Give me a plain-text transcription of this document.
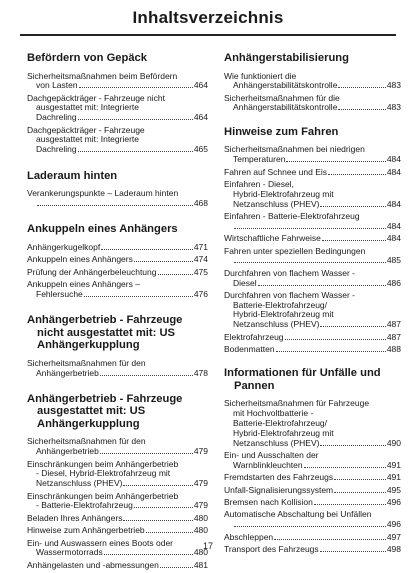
Inhaltsverzeichnis
Befördern von Gepäck
Sicherheitsmaßnahmen beim Befördern
von Lasten	464
Dachgepäckträger - Fahrzeuge nicht
ausgestattet mit: Integrierte
Dachreling	464
Dachgepäckträger - Fahrzeuge
ausgestattet mit: Integrierte
Dachreling	465
Laderaum hinten
Verankerungspunkte – Laderaum hinten
468
Ankuppeln eines Anhängers
Anhängerkugelkopf	471
Ankuppeln eines Anhängers	474
Prüfung der Anhängerbeleuchtung	475
Ankuppeln eines Anhängers –
Fehlersuche	476
Anhängerbetrieb - Fahrzeuge
nicht ausgestattet mit: US
Anhängerkupplung
Sicherheitsmaßnahmen für den
Anhängerbetrieb	478
Anhängerbetrieb - Fahrzeuge
ausgestattet mit: US
Anhängerkupplung
Sicherheitsmaßnahmen für den
Anhängerbetrieb	479
Einschränkungen beim Anhängerbetrieb
- Diesel, Hybrid-Elektrofahrzeug mit
Netzanschluss (PHEV)	479
Einschränkungen beim Anhängerbetrieb
- Batterie-Elektrofahrzeug	479
Beladen Ihres Anhängers	480
Hinweise zum Anhängerbetrieb	480
Ein- und Auswassern eines Boots oder
Wassermotorrads	480
Anhängelasten und -abmessungen	481
Anhängerstabilisierung
Wie funktioniert die
Anhängerstabilitätskontrolle	483
Sicherheitsmaßnahmen für die
Anhängerstabilitätskontrolle	483
Hinweise zum Fahren
Sicherheitsmaßnahmen bei niedrigen
Temperaturen	484
Fahren auf Schnee und Eis	484
Einfahren - Diesel,
Hybrid-Elektrofahrzeug mit
Netzanschluss (PHEV)	484
Einfahren - Batterie-Elektrofahrzeug
484
Wirtschaftliche Fahrweise	484
Fahren unter speziellen Bedingungen
485
Durchfahren von flachem Wasser -
Diesel	486
Durchfahren von flachem Wasser -
Batterie-Elektrofahrzeug/
Hybrid-Elektrofahrzeug mit
Netzanschluss (PHEV)	487
Elektrofahrzeug	487
Bodenmatten	488
Informationen für Unfälle und
Pannen
Sicherheitsmaßnahmen für Fahrzeuge
mit Hochvoltbatterie -
Batterie-Elektrofahrzeug/
Hybrid-Elektrofahrzeug mit
Netzanschluss (PHEV)	490
Ein- und Ausschalten der
Warnblinkleuchten	491
Fremdstarten des Fahrzeugs	491
Unfall-Signalisierungssystem	495
Bremsen nach Kollision	496
Automatische Abschaltung bei Unfällen
496
Abschleppen	497
Transport des Fahrzeugs	498
17
